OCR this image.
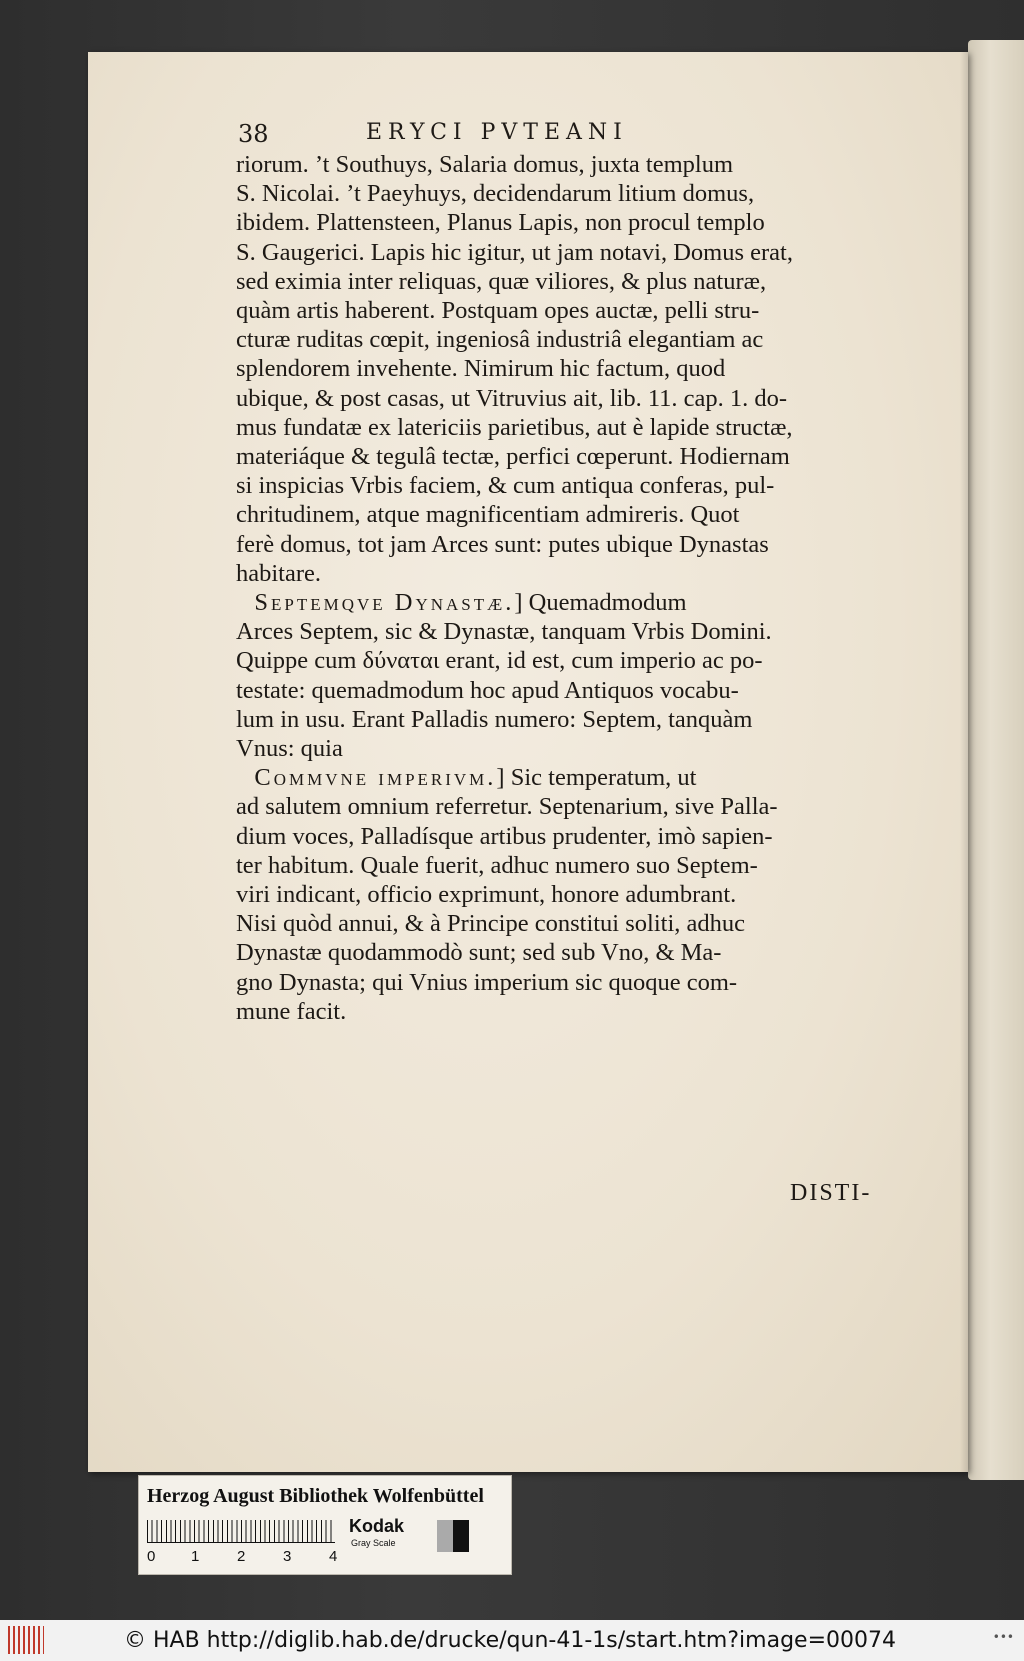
38	ERYCI PVTEANI

riorum. ’t Southuys, Salaria domus, juxta templum
S. Nicolai. ’t Paeyhuys, decidendarum litium domus,
ibidem. Plattensteen, Planus Lapis, non procul templo
S. Gaugerici. Lapis hic igitur, ut jam notavi, Domus erat,
sed eximia inter reliquas, quæ viliores, & plus naturæ,
quàm artis haberent. Postquam opes auctæ, pelli stru-
cturæ ruditas cœpit, ingeniosâ industriâ elegantiam ac
splendorem invehente. Nimirum hic factum, quod
ubique, & post casas, ut Vitruvius ait, lib. 11. cap. 1. do-
mus fundatæ ex latericiis parietibus, aut è lapide structæ,
materiáque & tegulâ tectæ, perfici cœperunt. Hodiernam
si inspicias Vrbis faciem, & cum antiqua conferas, pul-
chritudinem, atque magnificentiam admireris. Quot
ferè domus, tot jam Arces sunt: putes ubique Dynastas
habitare.

Septemqve Dynastæ.] Quemadmodum
Arces Septem, sic & Dynastæ, tanquam Vrbis Domini.
Quippe cum δύναται erant, id est, cum imperio ac po-
testate: quemadmodum hoc apud Antiquos vocabu-
lum in usu. Erant Palladis numero: Septem, tanquàm
Vnus: quia

Commvne imperivm.] Sic temperatum, ut
ad salutem omnium referretur. Septenarium, sive Palla-
dium voces, Palladísque artibus prudenter, imò sapien-
ter habitum. Quale fuerit, adhuc numero suo Septem-
viri indicant, officio exprimunt, honore adumbrant.
Nisi quòd annui, & à Principe constitui soliti, adhuc
Dynastæ quodammodò sunt; sed sub Vno, & Ma-
gno Dynasta; qui Vnius imperium sic quoque com-
mune facit.

DISTI-
Herzog August Bibliothek Wolfenbüttel
0 1	2	3	4
Kodak
Gray Scale
© HAB http://diglib.hab.de/drucke/qun-41-1s/start.htm?image=00074	•••
